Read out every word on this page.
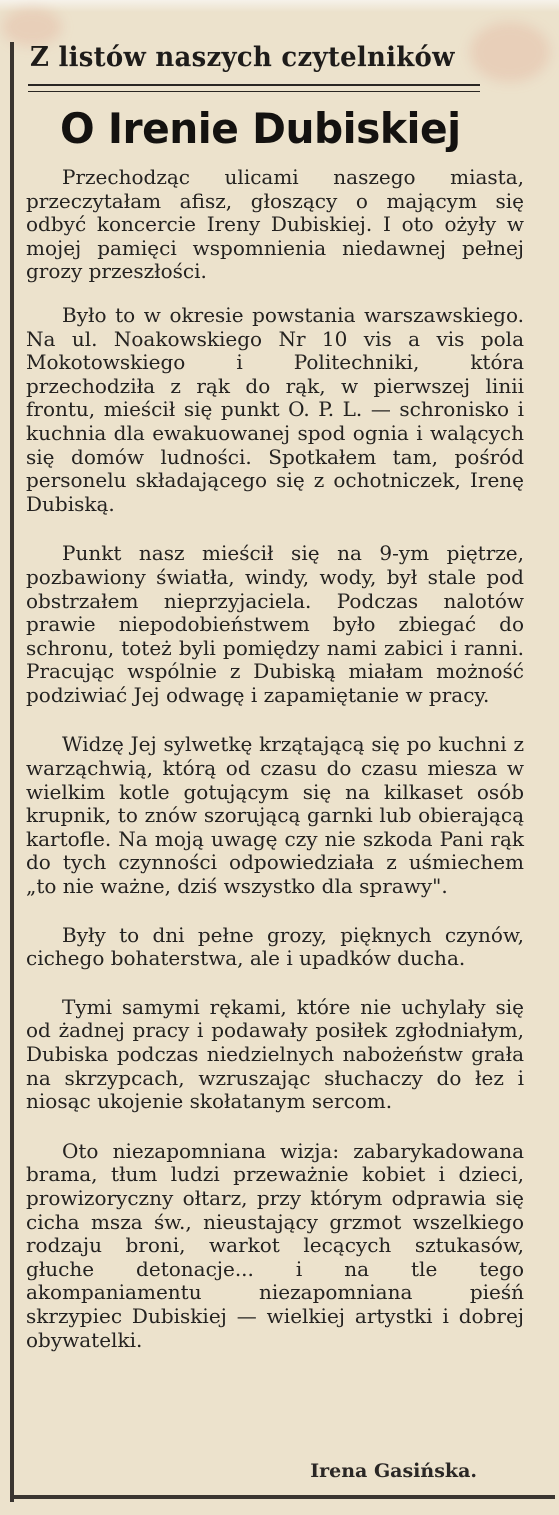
Z listów naszych czytelników
O Irenie Dubiskiej

Przechodząc ulicami naszego miasta, przeczytałam afisz, głoszący o mającym się odbyć koncercie Ireny Dubiskiej. I oto ożyły w mojej pamięci wspomnienia niedawnej pełnej grozy przeszłości.

Było to w okresie powstania warszawskiego. Na ul. Noakowskiego Nr 10 vis a vis pola Mokotowskiego i Politechniki, która przechodziła z rąk do rąk, w pierwszej linii frontu, mieścił się punkt O. P. L. — schronisko i kuchnia dla ewakuowanej spod ognia i walących się domów ludności. Spotkałem tam, pośród personelu składającego się z ochotniczek, Irenę Dubiską.

Punkt nasz mieścił się na 9-ym piętrze, pozbawiony światła, windy, wody, był stale pod obstrzałem nieprzyjaciela. Podczas nalotów prawie niepodobieństwem było zbiegać do schronu, toteż byli pomiędzy nami zabici i ranni. Pracując wspólnie z Dubiską miałam możność podziwiać Jej odwagę i zapamiętanie w pracy.

Widzę Jej sylwetkę krzątającą się po kuchni z warząchwią, którą od czasu do czasu miesza w wielkim kotle gotującym się na kilkaset osób krupnik, to znów szorującą garnki lub obierającą kartofle. Na moją uwagę czy nie szkoda Pani rąk do tych czynności odpowiedziała z uśmiechem „to nie ważne, dziś wszystko dla sprawy".

Były to dni pełne grozy, pięknych czynów, cichego bohaterstwa, ale i upadków ducha.

Tymi samymi rękami, które nie uchylały się od żadnej pracy i podawały posiłek zgłodniałym, Dubiska podczas niedzielnych nabożeństw grała na skrzypcach, wzruszając słuchaczy do łez i niosąc ukojenie skołatanym sercom.

Oto niezapomniana wizja: zabarykadowana brama, tłum ludzi przeważnie kobiet i dzieci, prowizoryczny ołtarz, przy którym odprawia się cicha msza św., nieustający grzmot wszelkiego rodzaju broni, warkot lecących sztukasów, głuche detonacje... i na tle tego akompaniamentu niezapomniana pieśń skrzypiec Dubiskiej — wielkiej artystki i dobrej obywatelki.

Irena Gasińska.
